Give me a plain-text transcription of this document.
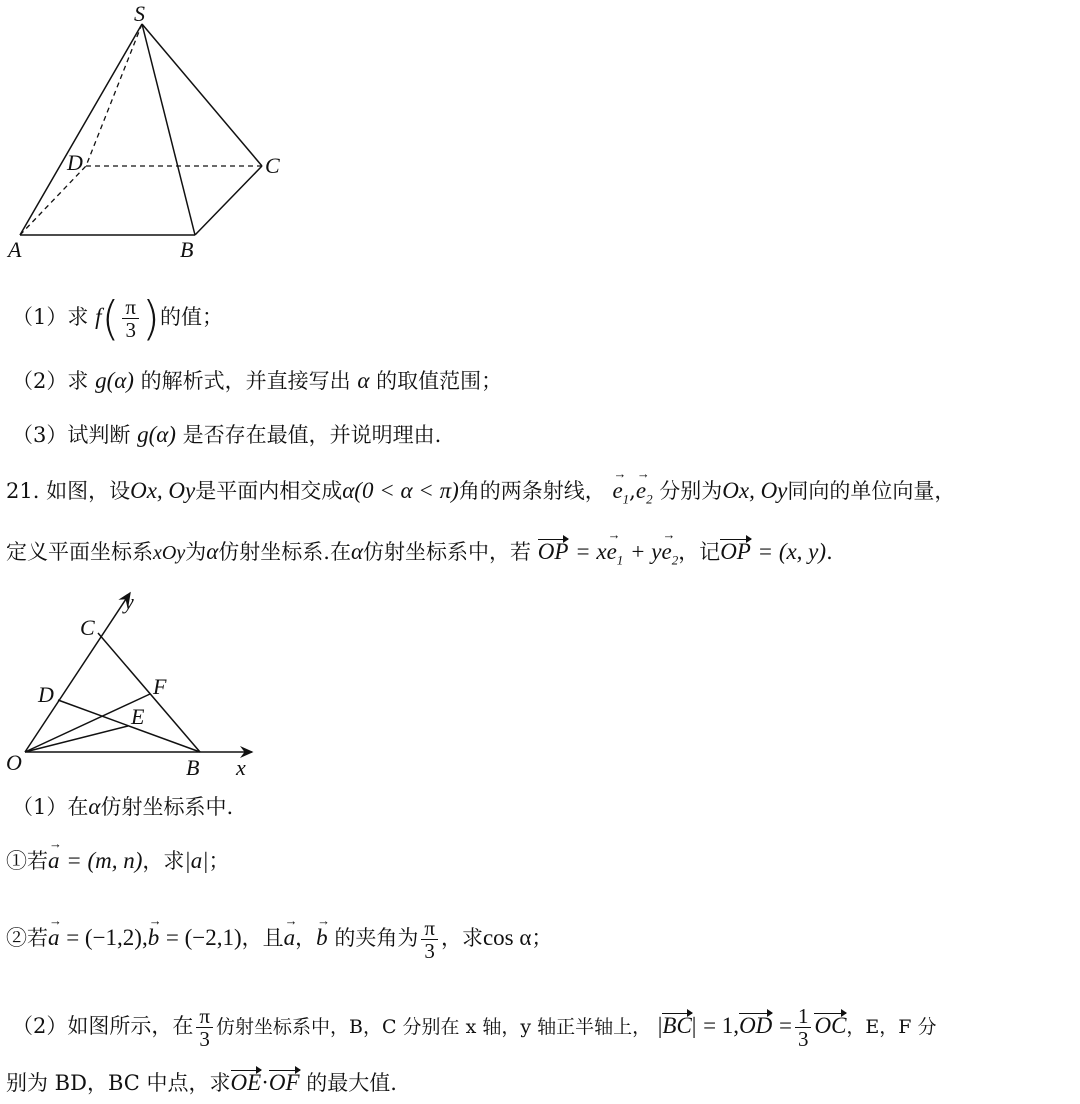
S
D	C
A	B
（1）求 $f( \frac{\pi}{3}$ )的值；
（2）求 g(α) 的解析式，并直接写出 α 的取值范围；
（3）试判断 g(α) 是否存在最值，并说明理由.
21. 如图，设Ox, Oy是平面内相交成α(0 < α < π)角的两条射线， → $e_1,\to e_2$ 分别为Ox, Oy同向的单位向量，
定义平面坐标系xOy为α仿射坐标系.在α仿射坐标系中，若 OP = $x\to e_1 + y\to e_2$，记OP = (x, y).
C
y
D	F
E
O	B x
（1）在α仿射坐标系中.
①若→ a = (m, n)，求|a|；
②若→ a = (−1,2),→ b = (−2,1)，且→ a，→ b 的夹角为 $\frac{\pi}{3}$ ，求cos α；
（2）如图所示，在 $\frac{\pi}{3}$ 仿射坐标系中，B，C 分别在 x 轴，y 轴正半轴上， $|BC| = 1,OD = \frac{1}{3}$ OC，E，F 分
别为 BD，BC 中点，求OE·OF 的最大值.
